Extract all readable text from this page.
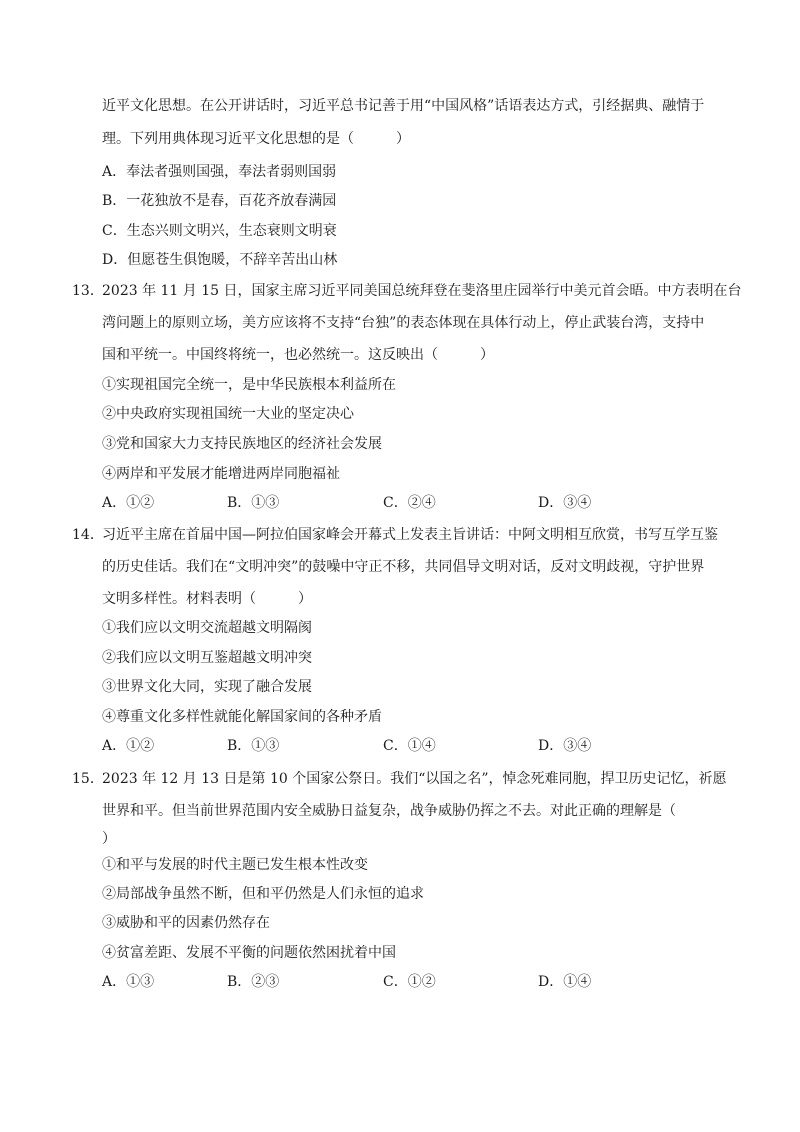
近平文化思想。在公开讲话时，习近平总书记善于用“中国风格”话语表达方式，引经据典、融情于
理。下列用典体现习近平文化思想的是（　　　）
A．奉法者强则国强，奉法者弱则国弱
B．一花独放不是春，百花齐放春满园
C．生态兴则文明兴，生态衰则文明衰
D．但愿苍生俱饱暖，不辞辛苦出山林
13．2023 年 11 月 15 日，国家主席习近平同美国总统拜登在斐洛里庄园举行中美元首会晤。中方表明在台
湾问题上的原则立场，美方应该将不支持“台独”的表态体现在具体行动上，停止武装台湾，支持中
国和平统一。中国终将统一，也必然统一。这反映出（　　　）
①实现祖国完全统一，是中华民族根本利益所在
②中央政府实现祖国统一大业的坚定决心
③党和国家大力支持民族地区的经济社会发展
④两岸和平发展才能增进两岸同胞福祉
A．①②	B．①③	C．②④	D．③④
14．习近平主席在首届中国—阿拉伯国家峰会开幕式上发表主旨讲话：中阿文明相互欣赏，书写互学互鉴
的历史佳话。我们在“文明冲突”的鼓噪中守正不移，共同倡导文明对话，反对文明歧视，守护世界
文明多样性。材料表明（　　　）
①我们应以文明交流超越文明隔阂
②我们应以文明互鉴超越文明冲突
③世界文化大同，实现了融合发展
④尊重文化多样性就能化解国家间的各种矛盾
A．①②	B．①③	C．①④	D．③④
15．2023 年 12 月 13 日是第 10 个国家公祭日。我们“以国之名”，悼念死难同胞，捍卫历史记忆，祈愿
世界和平。但当前世界范围内安全威胁日益复杂，战争威胁仍挥之不去。对此正确的理解是（
）
①和平与发展的时代主题已发生根本性改变
②局部战争虽然不断，但和平仍然是人们永恒的追求
③威胁和平的因素仍然存在
④贫富差距、发展不平衡的问题依然困扰着中国
A．①③	B．②③	C．①②	D．①④
